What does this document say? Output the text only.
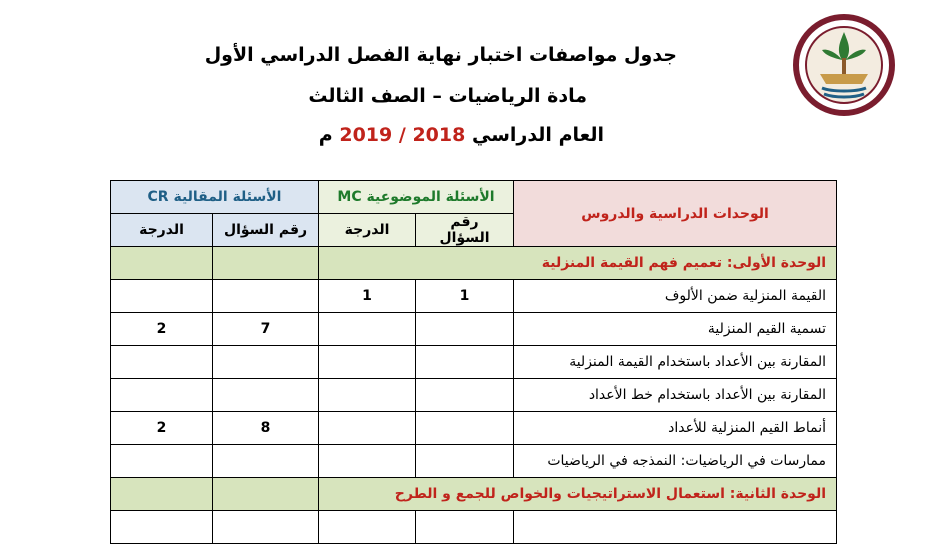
جدول مواصفات اختبار نهاية الفصل الدراسي الأول
مادة الرياضيات – الصف الثالث
العام الدراسي 2018 / 2019 م
الوحدات الدراسية والدروس	الأسئلة الموضوعية MC		الأسئلة المقالية CR	
	رقم السؤال	الدرجة	رقم السؤال	الدرجة
الوحدة الأولى: تعميم فهم القيمة المنزلية				
القيمة المنزلية ضمن الألوف	1	1		
تسمية القيم المنزلية			7	2
المقارنة بين الأعداد باستخدام القيمة المنزلية				
المقارنة بين الأعداد باستخدام خط الأعداد				
أنماط القيم المنزلية للأعداد			8	2
ممارسات في الرياضيات: النمذجه في الرياضيات				
الوحدة الثانية: استعمال الاستراتيجيات والخواص للجمع و الطرح				
